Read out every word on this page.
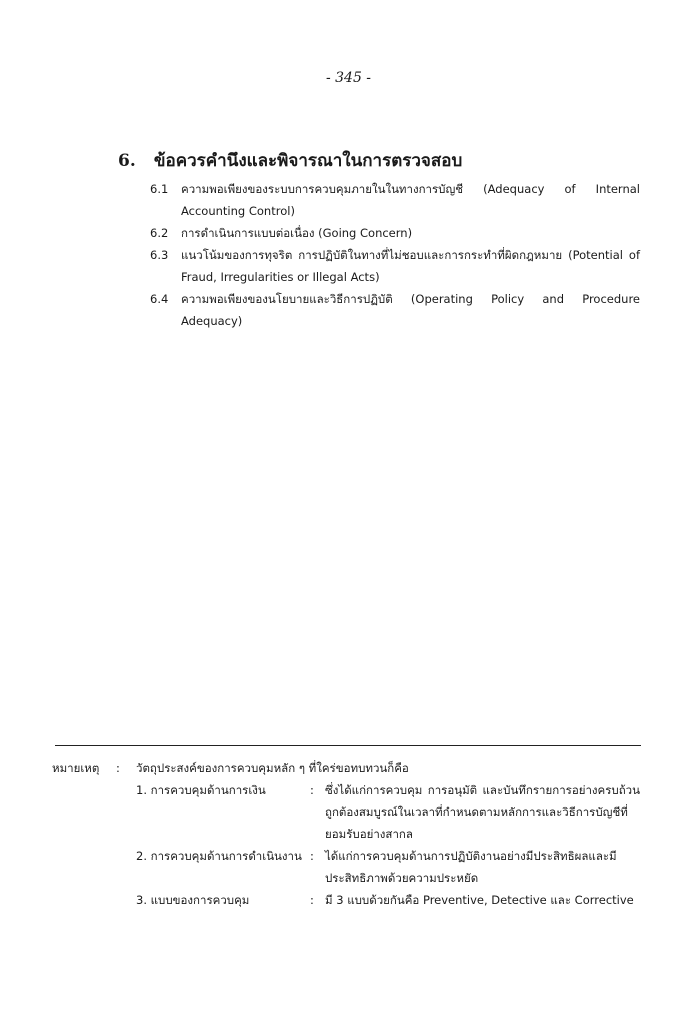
- 345 -
6. ข้อควรคำนึงและพิจารณาในการตรวจสอบ
6.1	ความพอเพียงของระบบการควบคุมภายในในทางการบัญชี (Adequacy of Internal Accounting Control)
6.2	การดำเนินการแบบต่อเนื่อง (Going Concern)
6.3	แนวโน้มของการทุจริต การปฏิบัติในทางที่ไม่ชอบและการกระทำที่ผิดกฎหมาย (Potential of Fraud, Irregularities or Illegal Acts)
6.4	ความพอเพียงของนโยบายและวิธีการปฏิบัติ (Operating Policy and Procedure Adequacy)
หมายเหตุ : วัตถุประสงค์ของการควบคุมหลัก ๆ ที่ใคร่ขอทบทวนก็คือ
1. การควบคุมด้านการเงิน	: ซึ่งได้แก่การควบคุม การอนุมัติ และบันทึกรายการอย่างครบถ้วนถูกต้องสมบูรณ์ในเวลาที่กำหนดตามหลักการและวิธีการบัญชีที่ยอมรับอย่างสากล
2. การควบคุมด้านการดำเนินงาน : ได้แก่การควบคุมด้านการปฏิบัติงานอย่างมีประสิทธิผลและมีประสิทธิภาพด้วยความประหยัด
3. แบบของการควบคุม	: มี 3 แบบด้วยกันคือ Preventive, Detective และ Corrective
